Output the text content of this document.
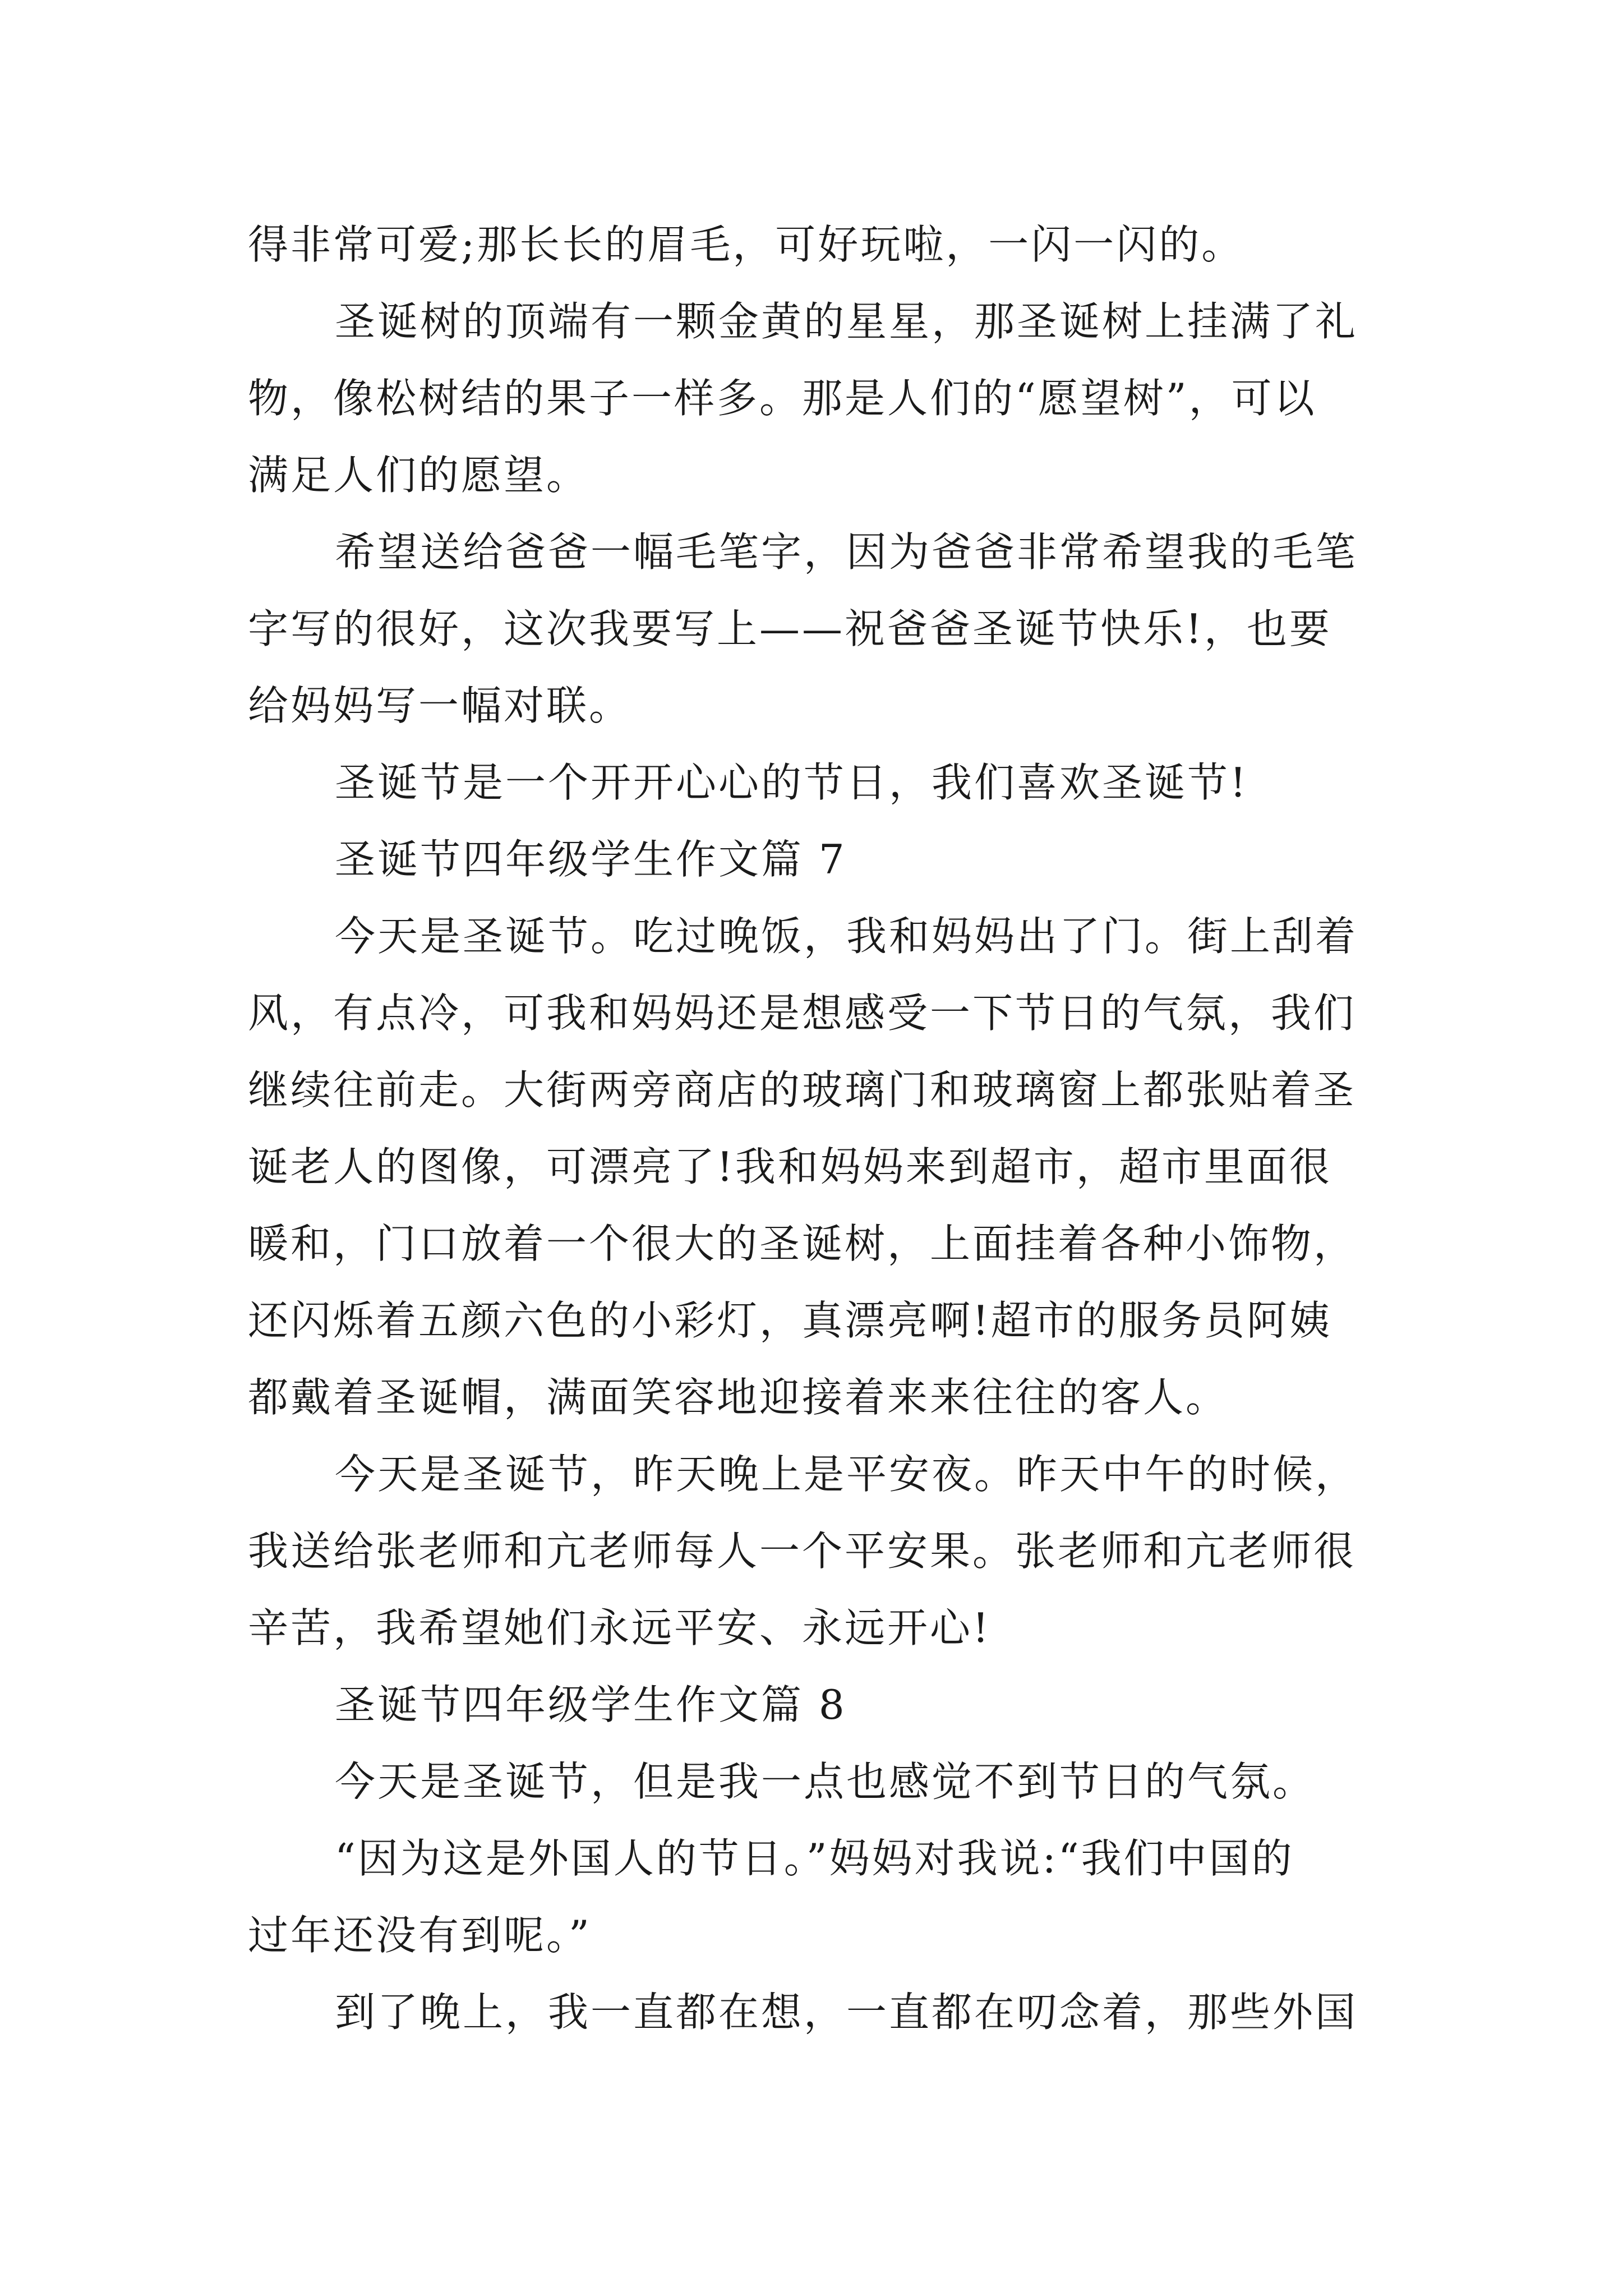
得非常可爱;那长长的眉毛，可好玩啦，一闪一闪的。
圣诞树的顶端有一颗金黄的星星，那圣诞树上挂满了礼
物，像松树结的果子一样多。那是人们的“愿望树”，可以
满足人们的愿望。
希望送给爸爸一幅毛笔字，因为爸爸非常希望我的毛笔
字写的很好，这次我要写上——祝爸爸圣诞节快乐!，也要
给妈妈写一幅对联。
圣诞节是一个开开心心的节日，我们喜欢圣诞节!
圣诞节四年级学生作文篇 7
今天是圣诞节。吃过晚饭，我和妈妈出了门。街上刮着
风，有点冷，可我和妈妈还是想感受一下节日的气氛，我们
继续往前走。大街两旁商店的玻璃门和玻璃窗上都张贴着圣
诞老人的图像，可漂亮了!我和妈妈来到超市，超市里面很
暖和，门口放着一个很大的圣诞树，上面挂着各种小饰物，
还闪烁着五颜六色的小彩灯，真漂亮啊!超市的服务员阿姨
都戴着圣诞帽，满面笑容地迎接着来来往往的客人。
今天是圣诞节，昨天晚上是平安夜。昨天中午的时候，
我送给张老师和亢老师每人一个平安果。张老师和亢老师很
辛苦，我希望她们永远平安、永远开心!
圣诞节四年级学生作文篇 8
今天是圣诞节，但是我一点也感觉不到节日的气氛。
“因为这是外国人的节日。”妈妈对我说:“我们中国的
过年还没有到呢。”
到了晚上，我一直都在想，一直都在叨念着，那些外国
